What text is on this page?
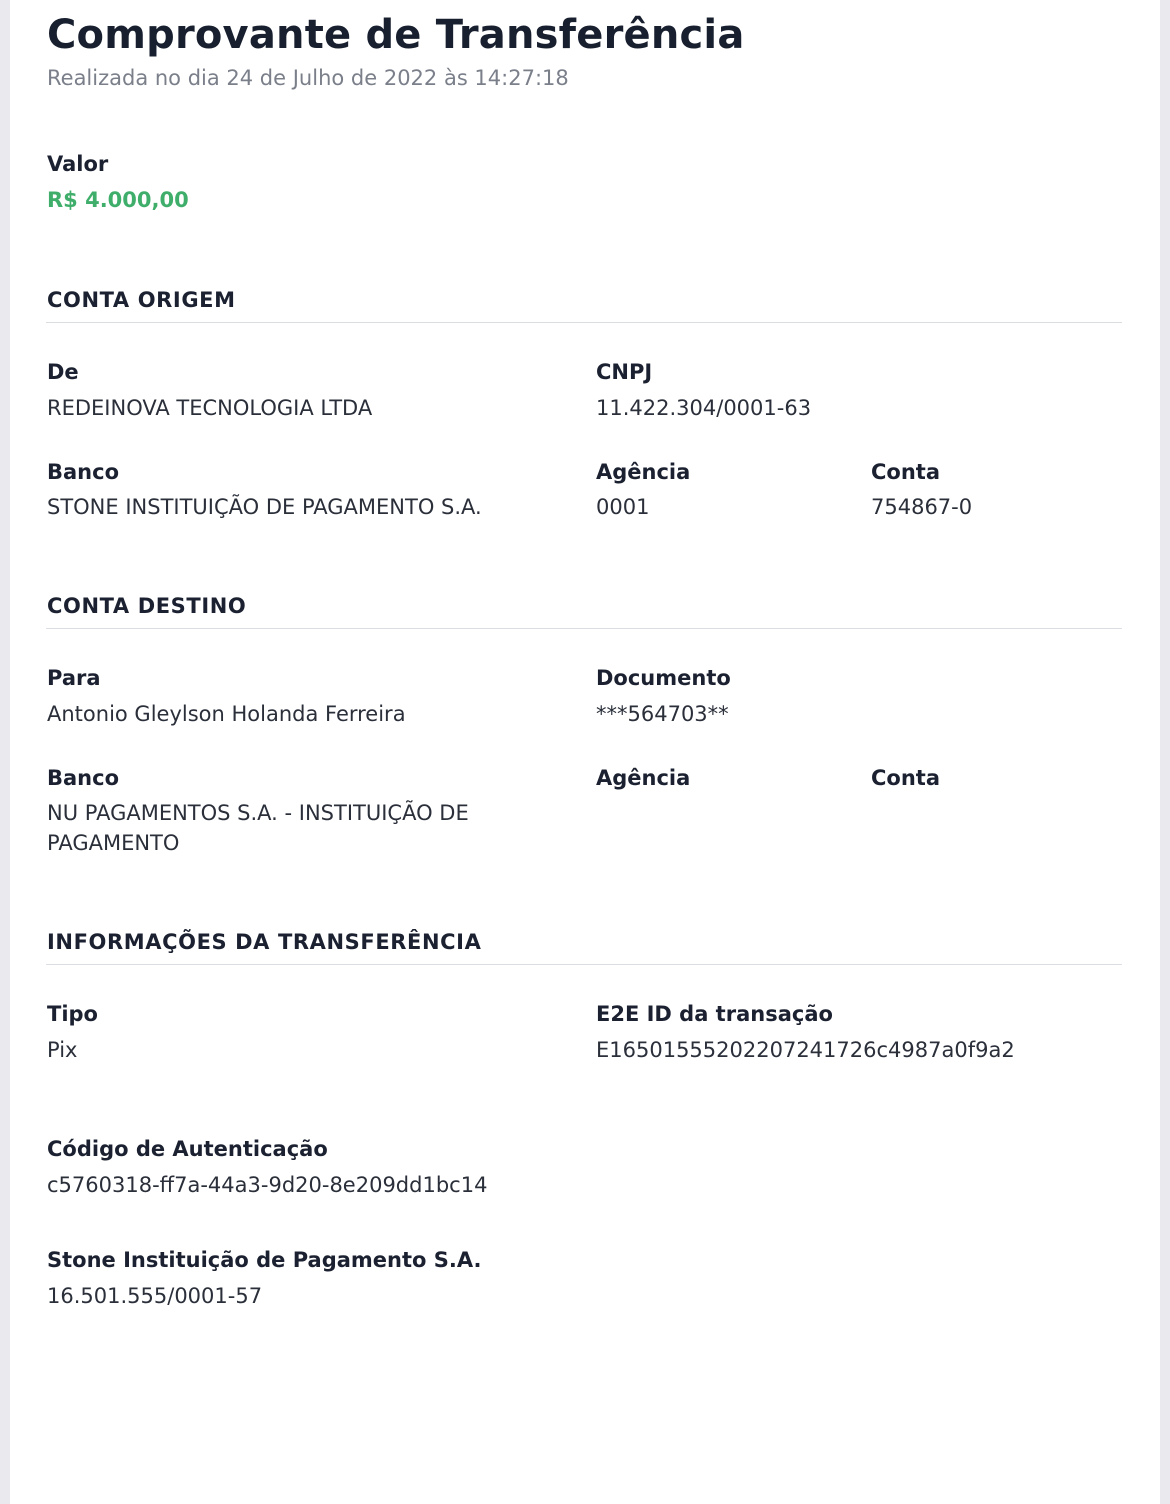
Comprovante de Transferência
Realizada no dia 24 de Julho de 2022 às 14:27:18
Valor
R$ 4.000,00
CONTA ORIGEM
De
REDEINOVA TECNOLOGIA LTDA
CNPJ
11.422.304/0001-63
Banco
STONE INSTITUIÇÃO DE PAGAMENTO S.A.
Agência
0001
Conta
754867-0
CONTA DESTINO
Para
Antonio Gleylson Holanda Ferreira
Documento
***564703**
Banco
NU PAGAMENTOS S.A. - INSTITUIÇÃO DE PAGAMENTO
Agência	Conta
INFORMAÇÕES DA TRANSFERÊNCIA
Tipo
Pix
E2E ID da transação
E16501555202207241726c4987a0f9a2
Código de Autenticação
c5760318-ff7a-44a3-9d20-8e209dd1bc14
Stone Instituição de Pagamento S.A.
16.501.555/0001-57
